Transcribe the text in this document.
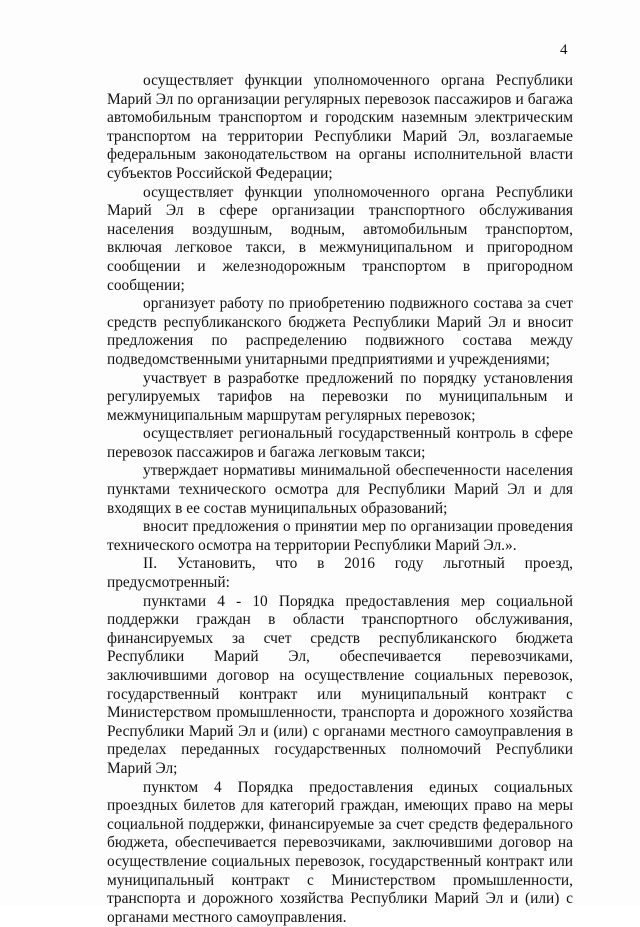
4

осуществляет функции уполномоченного органа Республики Марий Эл по организации регулярных перевозок пассажиров и багажа автомобильным транспортом и городским наземным электрическим транспортом на территории Республики Марий Эл, возлагаемые федеральным законодательством на органы исполнительной власти субъектов Российской Федерации;

осуществляет функции уполномоченного органа Республики Марий Эл в сфере организации транспортного обслуживания населения воздушным, водным, автомобильным транспортом, включая легковое такси, в межмуниципальном и пригородном сообщении и железнодорожным транспортом в пригородном сообщении;

организует работу по приобретению подвижного состава за счет средств республиканского бюджета Республики Марий Эл и вносит предложения по распределению подвижного состава между подведомственными унитарными предприятиями и учреждениями;

участвует в разработке предложений по порядку установления регулируемых тарифов на перевозки по муниципальным и межмуниципальным маршрутам регулярных перевозок;

осуществляет региональный государственный контроль в сфере перевозок пассажиров и багажа легковым такси;

утверждает нормативы минимальной обеспеченности населения пунктами технического осмотра для Республики Марий Эл и для входящих в ее состав муниципальных образований;

вносит предложения о принятии мер по организации проведения технического осмотра на территории Республики Марий Эл.».

II. Установить, что в 2016 году льготный проезд, предусмотренный:

пунктами 4 - 10 Порядка предоставления мер социальной поддержки граждан в области транспортного обслуживания, финансируемых за счет средств республиканского бюджета Республики Марий Эл, обеспечивается перевозчиками, заключившими договор на осуществление социальных перевозок, государственный контракт или муниципальный контракт с Министерством промышленности, транспорта и дорожного хозяйства Республики Марий Эл и (или) с органами местного самоуправления в пределах переданных государственных полномочий Республики Марий Эл;

пунктом 4 Порядка предоставления единых социальных проездных билетов для категорий граждан, имеющих право на меры социальной поддержки, финансируемые за счет средств федерального бюджета, обеспечивается перевозчиками, заключившими договор на осуществление социальных перевозок, государственный контракт или муниципальный контракт с Министерством промышленности, транспорта и дорожного хозяйства Республики Марий Эл и (или) с органами местного самоуправления.
